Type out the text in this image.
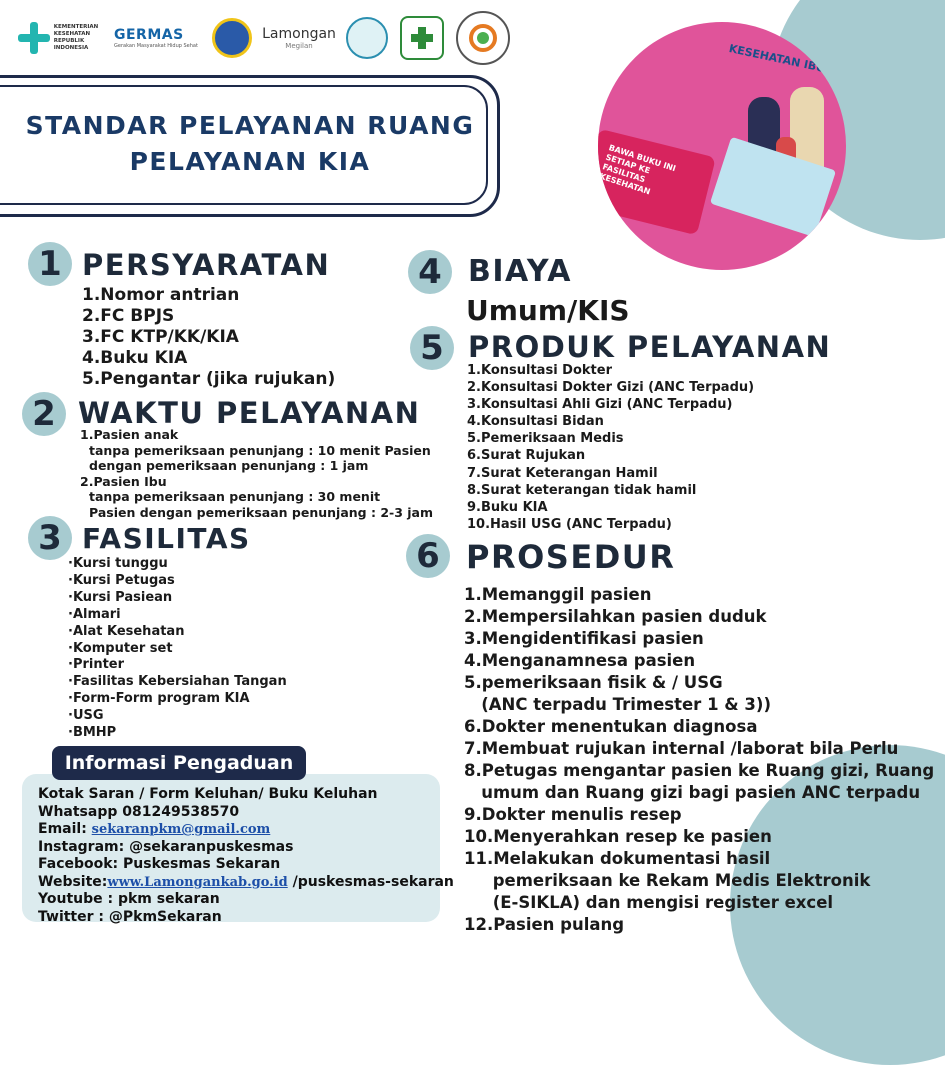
KEMENTERIAN
KESEHATAN
REPUBLIK
INDONESIA
GERMAS
Gerakan Masyarakat Hidup Sehat
Lamongan
Megilan	KESEHATAN IBU
BAWA BUKU INI SETIAP KE FASILITAS KESEHATAN
STANDAR PELAYANAN RUANG
PELAYANAN KIA
1 PERSYARATAN
1.Nomor antrian
2.FC BPJS
3.FC KTP/KK/KIA
4.Buku KIA
5.Pengantar (jika rujukan)
2 WAKTU PELAYANAN
1.Pasien anak
tanpa pemeriksaan penunjang : 10 menit Pasien
dengan pemeriksaan penunjang : 1 jam
2.Pasien Ibu
tanpa pemeriksaan penunjang : 30 menit
Pasien dengan pemeriksaan penunjang : 2-3 jam
3 FASILITAS
·Kursi tunggu
·Kursi Petugas
·Kursi Pasiean
·Almari
·Alat Kesehatan
·Komputer set
·Printer
·Fasilitas Kebersiahan Tangan
·Form-Form program KIA
·USG
·BMHP
4 BIAYA
Umum/KIS
5 PRODUK PELAYANAN
1.Konsultasi Dokter
2.Konsultasi Dokter Gizi (ANC Terpadu)
3.Konsultasi Ahli Gizi (ANC Terpadu)
4.Konsultasi Bidan
5.Pemeriksaan Medis
6.Surat Rujukan
7.Surat Keterangan Hamil
8.Surat keterangan tidak hamil
9.Buku KIA
10.Hasil USG (ANC Terpadu)
6 PROSEDUR
1.Memanggil pasien
2.Mempersilahkan pasien duduk
3.Mengidentifikasi pasien
4.Menganamnesa pasien
5.pemeriksaan fisik & / USG
(ANC terpadu Trimester 1 & 3))
6.Dokter menentukan diagnosa
7.Membuat rujukan internal /laborat bila Perlu
8.Petugas mengantar pasien ke Ruang gizi, Ruang
umum dan Ruang gizi bagi pasien ANC terpadu
9.Dokter menulis resep
10.Menyerahkan resep ke pasien
11.Melakukan dokumentasi hasil
pemeriksaan ke Rekam Medis Elektronik
(E-SIKLA) dan mengisi register excel
12.Pasien pulang
Informasi Pengaduan
Kotak Saran / Form Keluhan/ Buku Keluhan
Whatsapp 081249538570
Email: sekaranpkm@gmail.com
Instagram: @sekaranpuskesmas
Facebook: Puskesmas Sekaran
Website:www.Lamongankab.go.id /puskesmas-sekaran
Youtube : pkm sekaran
Twitter : @PkmSekaran
